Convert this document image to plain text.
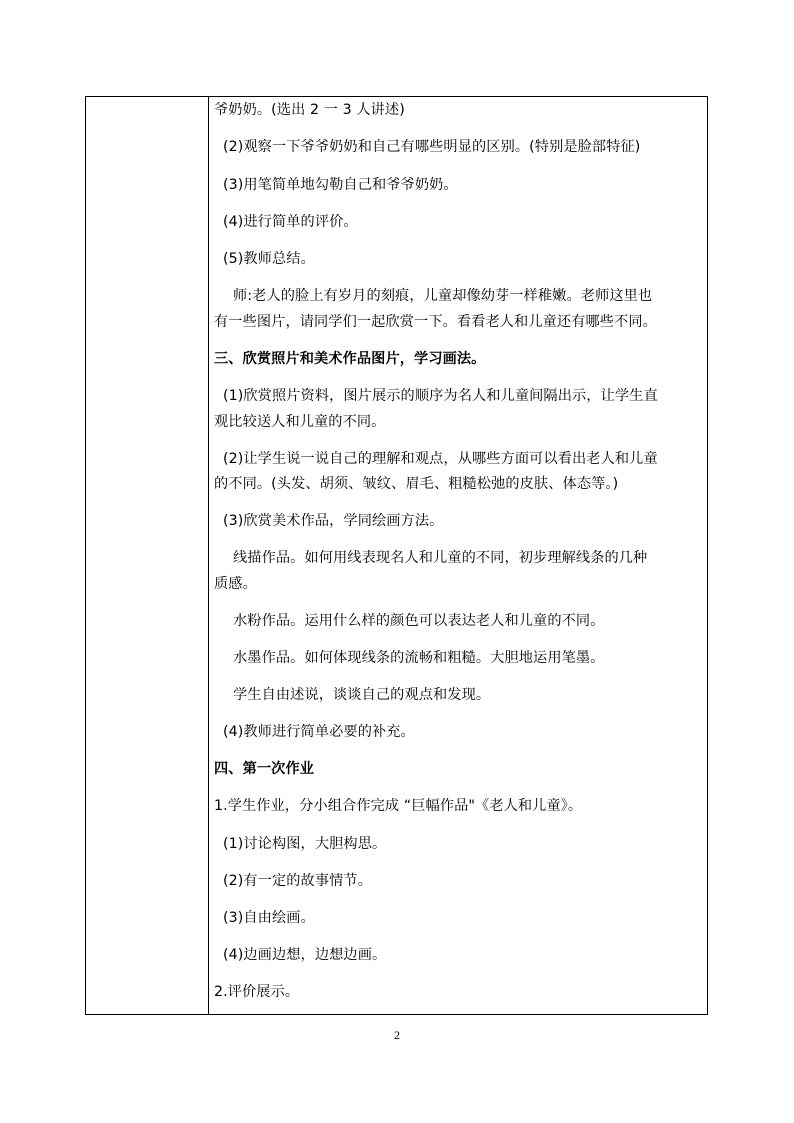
爷奶奶。(选出 2 一 3 人讲述)
(2)观察一下爷爷奶奶和自己有哪些明显的区别。(特别是脸部特征)
(3)用笔简单地勾勒自己和爷爷奶奶。
(4)进行简单的评价。
(5)教师总结。
师:老人的脸上有岁月的刻痕，儿童却像幼芽一样稚嫩。老师这里也
有一些图片，请同学们一起欣赏一下。看看老人和儿童还有哪些不同。
三、欣赏照片和美术作品图片，学习画法。
(1)欣赏照片资料，图片展示的顺序为名人和儿童间隔出示，让学生直
观比较送人和儿童的不同。
(2)让学生说一说自己的理解和观点，从哪些方面可以看出老人和儿童
的不同。(头发、胡须、皱纹、眉毛、粗糙松弛的皮肤、体态等。)
(3)欣赏美术作品，学同绘画方法。
线描作品。如何用线表现名人和儿童的不同，初步理解线条的几种
质感。
水粉作品。运用什么样的颜色可以表达老人和儿童的不同。
水墨作品。如何体现线条的流畅和粗糙。大胆地运用笔墨。
学生自由述说，谈谈自己的观点和发现。
(4)教师进行简单必要的补充。
四、第一次作业
1.学生作业，分小组合作完成 “巨幅作品"《老人和儿童》。
(1)讨论构图，大胆构思。
(2)有一定的故事情节。
(3)自由绘画。
(4)边画边想，边想边画。
2.评价展示。
2
